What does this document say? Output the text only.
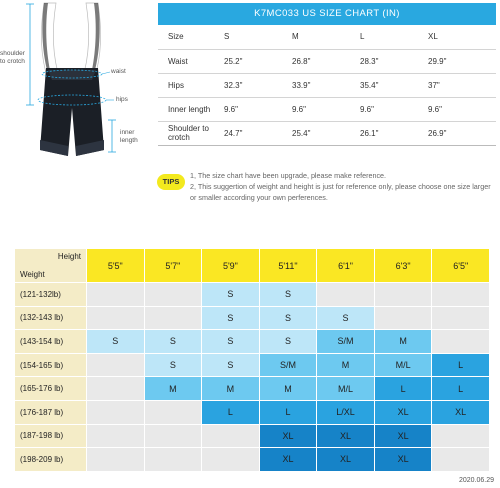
shoulder
to crotch
waist
hips
inner
length
K7MC033 US SIZE CHART (IN)
Size	S	M	L	XL
Waist	25.2"	26.8"	28.3"	29.9"
Hips	32.3"	33.9"	35.4"	37"
Inner length	9.6"	9.6"	9.6"	9.6"
Shoulder to crotch	24.7"	25.4"	26.1"	26.9"
TIPS
1, The size chart have been upgrade, please make reference.
2, This suggertion of weight and height is just for reference only, please choose one size larger or smaller according your own perferences.
Height
Weight	5'5"	5'7"	5'9"	5'11"	6'1"	6'3"	6'5"
(121-132lb)			S	S			
(132-143 lb)			S	S	S		
(143-154 lb)	S	S	S	S	S/M	M	
(154-165 lb)		S	S	S/M	M	M/L	L
(165-176 lb)		M	M	M	M/L	L	L
(176-187 lb)			L	L	L/XL	XL	XL
(187-198 lb)				XL	XL	XL	
(198-209 lb)				XL	XL	XL	
2020.06.29
